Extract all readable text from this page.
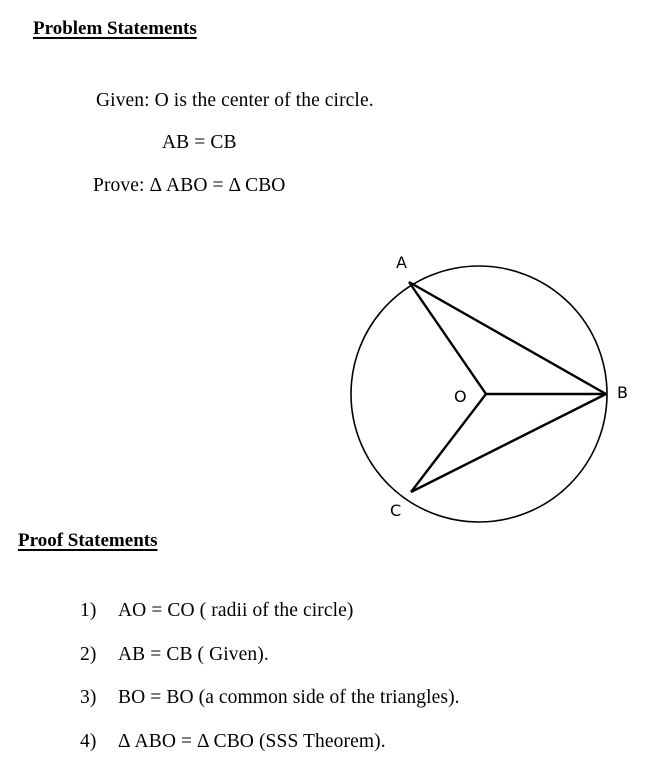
Problem Statements
Given: O is the center of the circle.
AB = CB
Prove: Δ ABO = Δ CBO
A
B
C
O
Proof Statements
1) AO = CO ( radii of the circle)
2) AB = CB ( Given).
3) BO = BO (a common side of the triangles).
4) Δ ABO = Δ CBO (SSS Theorem).
